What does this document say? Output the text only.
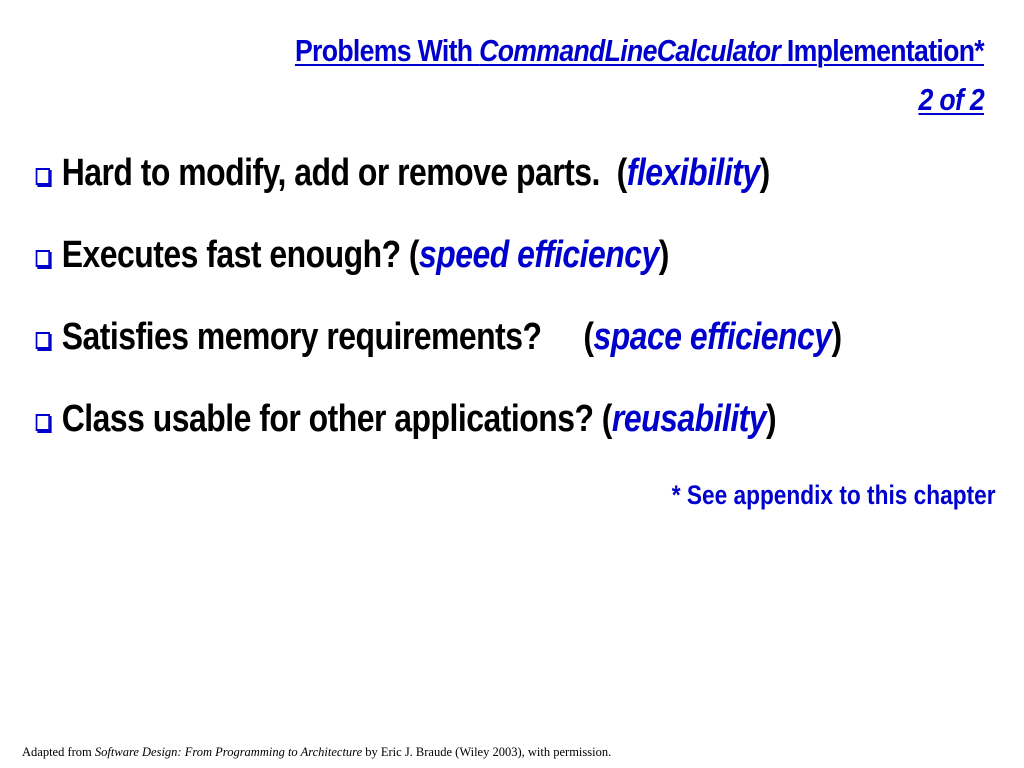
Problems With CommandLineCalculator Implementation*
2 of 2
Hard to modify, add or remove parts.  ( flexibility )
Executes fast enough? ( speed efficiency )
Satisfies memory requirements?     ( space efficiency )
Class usable for other applications? ( reusability )
* See appendix to this chapter
Adapted from Software Design: From Programming to Architecture by Eric J. Braude (Wiley 2003), with permission.
